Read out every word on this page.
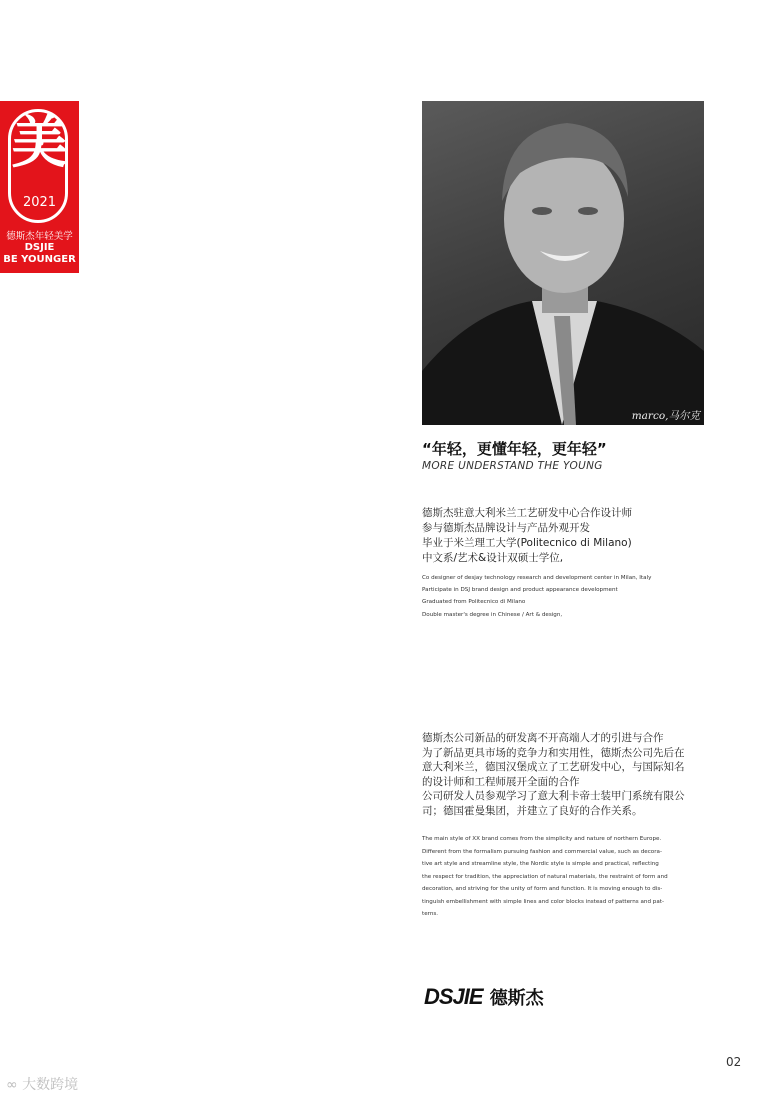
美
2021
德斯杰年轻美学
DSJIE
BE YOUNGER
marco,马尔克
“年轻，更懂年轻，更年轻”
MORE UNDERSTAND THE YOUNG
德斯杰驻意大利米兰工艺研发中心合作设计师
参与德斯杰品牌设计与产品外观开发
毕业于米兰理工大学(Politecnico di Milano)
中文系/艺术&设计双硕士学位,
Co designer of desjay technology research and development center in Milan, Italy
Participate in DSJ brand design and product appearance development
Graduated from Politecnico di Milano
Double master's degree in Chinese / Art & design,
德斯杰公司新品的研发离不开高端人才的引进与合作
为了新品更具市场的竞争力和实用性，德斯杰公司先后在
意大利米兰，德国汉堡成立了工艺研发中心，与国际知名
的设计师和工程师展开全面的合作
公司研发人员参观学习了意大利卡帝士装甲门系统有限公
司；德国霍曼集团，并建立了良好的合作关系。
The main style of XX brand comes from the simplicity and nature of northern Europe.
Different from the formalism pursuing fashion and commercial value, such as decora-
tive art style and streamline style, the Nordic style is simple and practical, reflecting
the respect for tradition, the appreciation of natural materials, the restraint of form and
decoration, and striving for the unity of form and function. It is moving enough to dis-
tinguish embellishment with simple lines and color blocks instead of patterns and pat-
terns.
DSJIE 德斯杰
02
∞ 大数跨境
